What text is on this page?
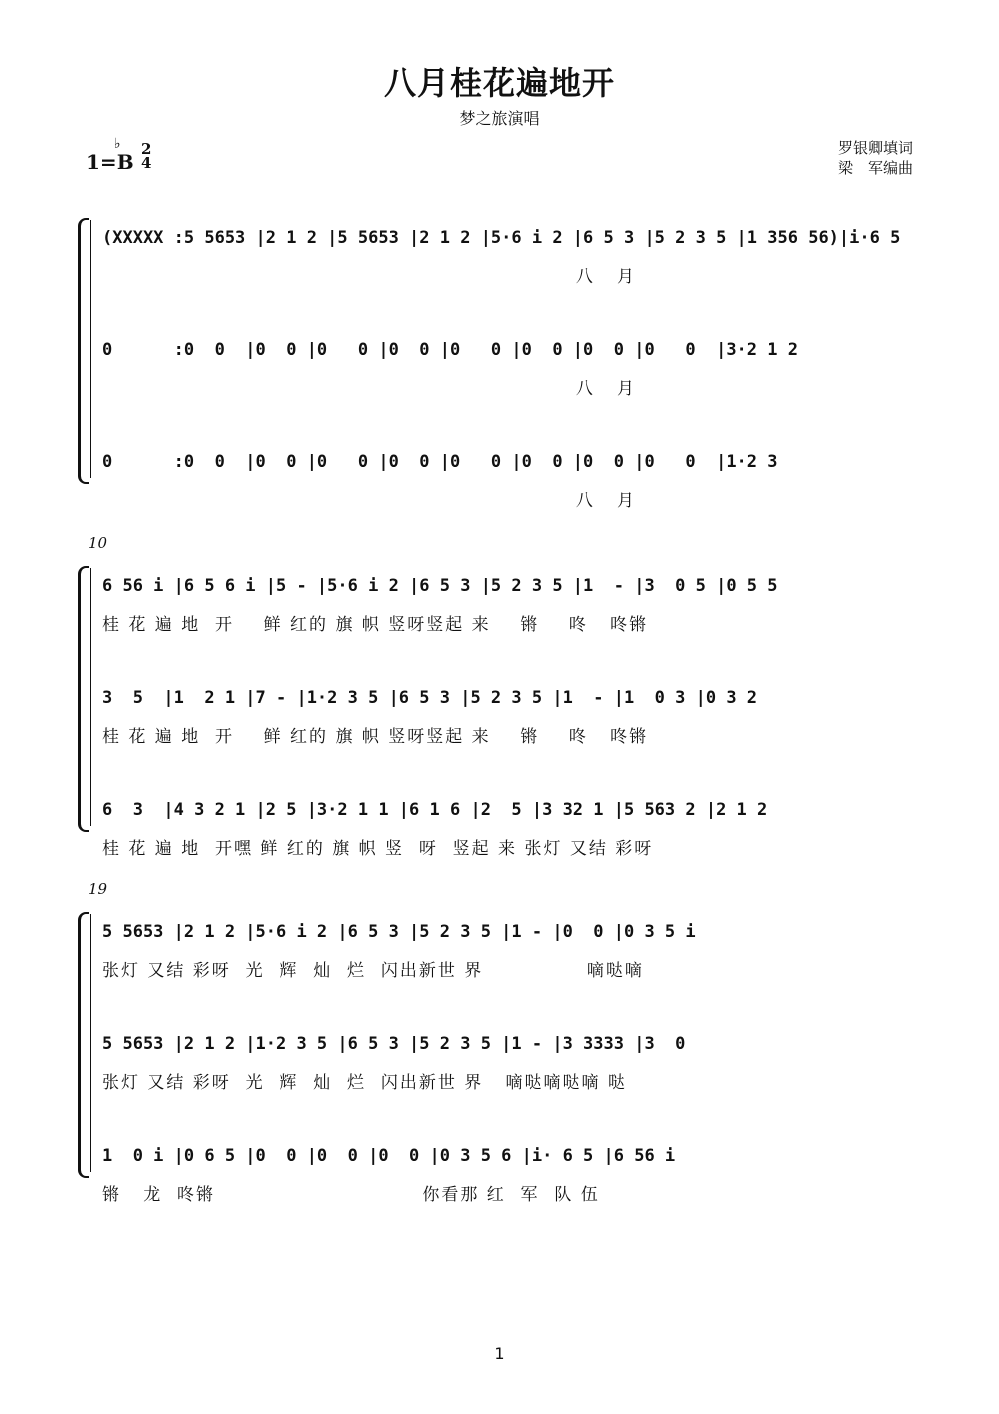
八月桂花遍地开
梦之旅演唱
罗银卿填词
梁　军编曲
1=
♭
B
2
4
(XXXXX :5 5653 |2 1 2 |5 5653 |2 1 2 |5·6 i 2 |6 5 3 |5 2 3 5 |1 356 56)|i·6 5
八   月
0      :0  0  |0  0 |0   0 |0  0 |0   0 |0  0 |0  0 |0   0  |3·2 1 2
八   月
0      :0  0  |0  0 |0   0 |0  0 |0   0 |0  0 |0  0 |0   0  |1·2 3
八   月
10
6 56 i |6 5 6 i |5 - |5·6 i 2 |6 5 3 |5 2 3 5 |1  - |3  0 5 |0 5 5
桂 花 遍 地  开    鲜 红的 旗 帜 竖呀竖起 来    锵    咚   咚锵
3  5  |1  2 1 |7 - |1·2 3 5 |6 5 3 |5 2 3 5 |1  - |1  0 3 |0 3 2
桂 花 遍 地  开    鲜 红的 旗 帜 竖呀竖起 来    锵    咚   咚锵
6  3  |4 3 2 1 |2 5 |3·2 1 1 |6 1 6 |2  5 |3 32 1 |5 563 2 |2 1 2
桂 花 遍 地  开嘿 鲜 红的 旗 帜 竖  呀  竖起 来 张灯 又结 彩呀
19
5 5653 |2 1 2 |5·6 i 2 |6 5 3 |5 2 3 5 |1 - |0  0 |0 3 5 i
张灯 又结 彩呀  光  辉  灿  烂  闪出新世 界              嘀哒嘀
5 5653 |2 1 2 |1·2 3 5 |6 5 3 |5 2 3 5 |1 - |3 3333 |3  0
张灯 又结 彩呀  光  辉  灿  烂  闪出新世 界   嘀哒嘀哒嘀 哒
1  0 i |0 6 5 |0  0 |0  0 |0  0 |0 3 5 6 |i· 6 5 |6 56 i
锵   龙  咚锵                            你看那 红  军  队 伍
1
